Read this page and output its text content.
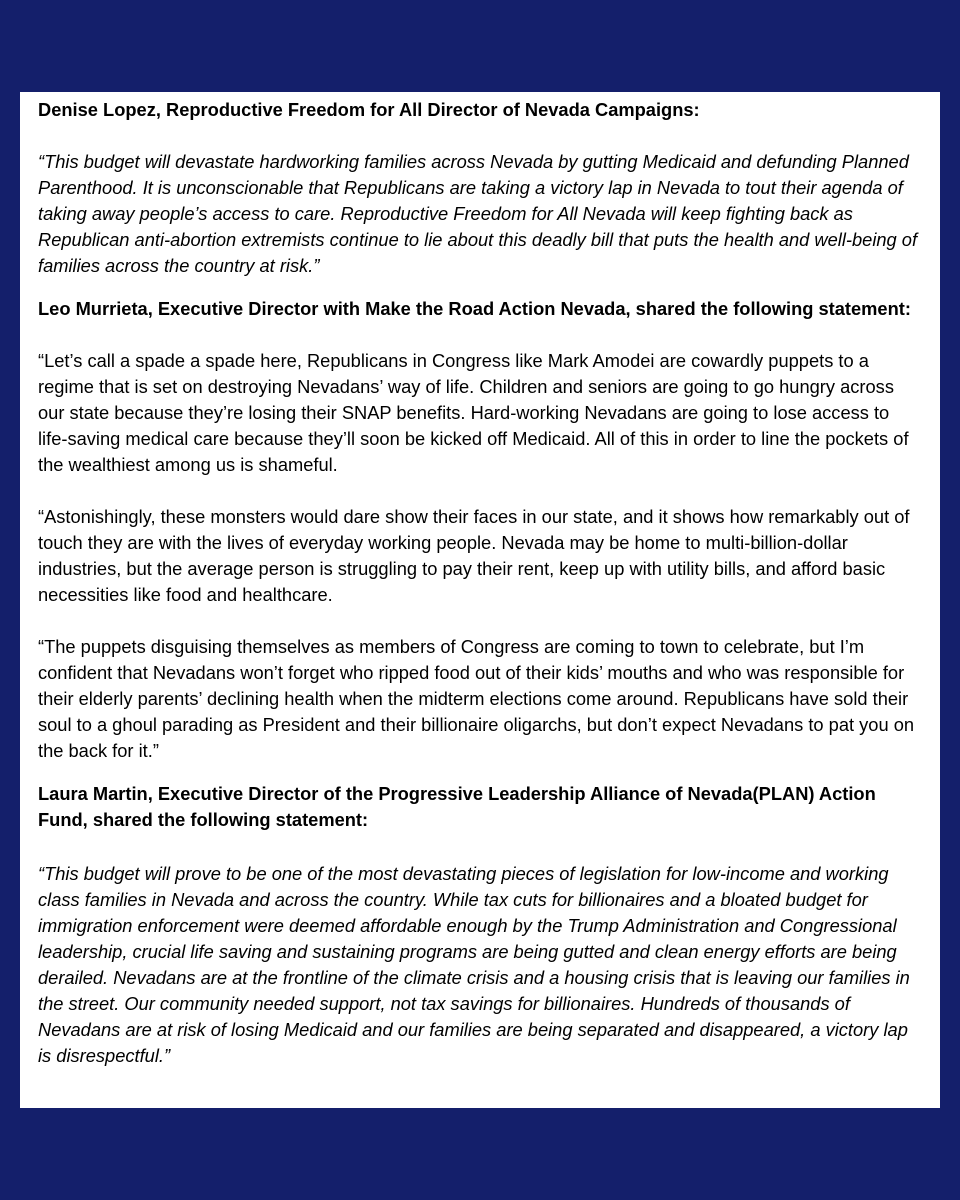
Denise Lopez, Reproductive Freedom for All Director of Nevada Campaigns:

“This budget will devastate hardworking families across Nevada by gutting Medicaid and defunding Planned Parenthood. It is unconscionable that Republicans are taking a victory lap in Nevada to tout their agenda of taking away people’s access to care. Reproductive Freedom for All Nevada will keep fighting back as Republican anti-abortion extremists continue to lie about this deadly bill that puts the health and well-being of families across the country at risk.”

Leo Murrieta, Executive Director with Make the Road Action Nevada, shared the following statement:

“Let’s call a spade a spade here, Republicans in Congress like Mark Amodei are cowardly puppets to a regime that is set on destroying Nevadans’ way of life. Children and seniors are going to go hungry across our state because they’re losing their SNAP benefits. Hard-working Nevadans are going to lose access to life-saving medical care because they’ll soon be kicked off Medicaid. All of this in order to line the pockets of the wealthiest among us is shameful.

“Astonishingly, these monsters would dare show their faces in our state, and it shows how remarkably out of touch they are with the lives of everyday working people. Nevada may be home to multi-billion-dollar industries, but the average person is struggling to pay their rent, keep up with utility bills, and afford basic necessities like food and healthcare.

“The puppets disguising themselves as members of Congress are coming to town to celebrate, but I’m confident that Nevadans won’t forget who ripped food out of their kids’ mouths and who was responsible for their elderly parents’ declining health when the midterm elections come around. Republicans have sold their soul to a ghoul parading as President and their billionaire oligarchs, but don’t expect Nevadans to pat you on the back for it.”

Laura Martin, Executive Director of the Progressive Leadership Alliance of Nevada(PLAN) Action Fund, shared the following statement:

“This budget will prove to be one of the most devastating pieces of legislation for low-income and working class families in Nevada and across the country. While tax cuts for billionaires and a bloated budget for immigration enforcement were deemed affordable enough by the Trump Administration and Congressional leadership, crucial life saving and sustaining programs are being gutted and clean energy efforts are being derailed. Nevadans are at the frontline of the climate crisis and a housing crisis that is leaving our families in the street. Our community needed support, not tax savings for billionaires. Hundreds of thousands of Nevadans are at risk of losing Medicaid and our families are being separated and disappeared, a victory lap is disrespectful.”
